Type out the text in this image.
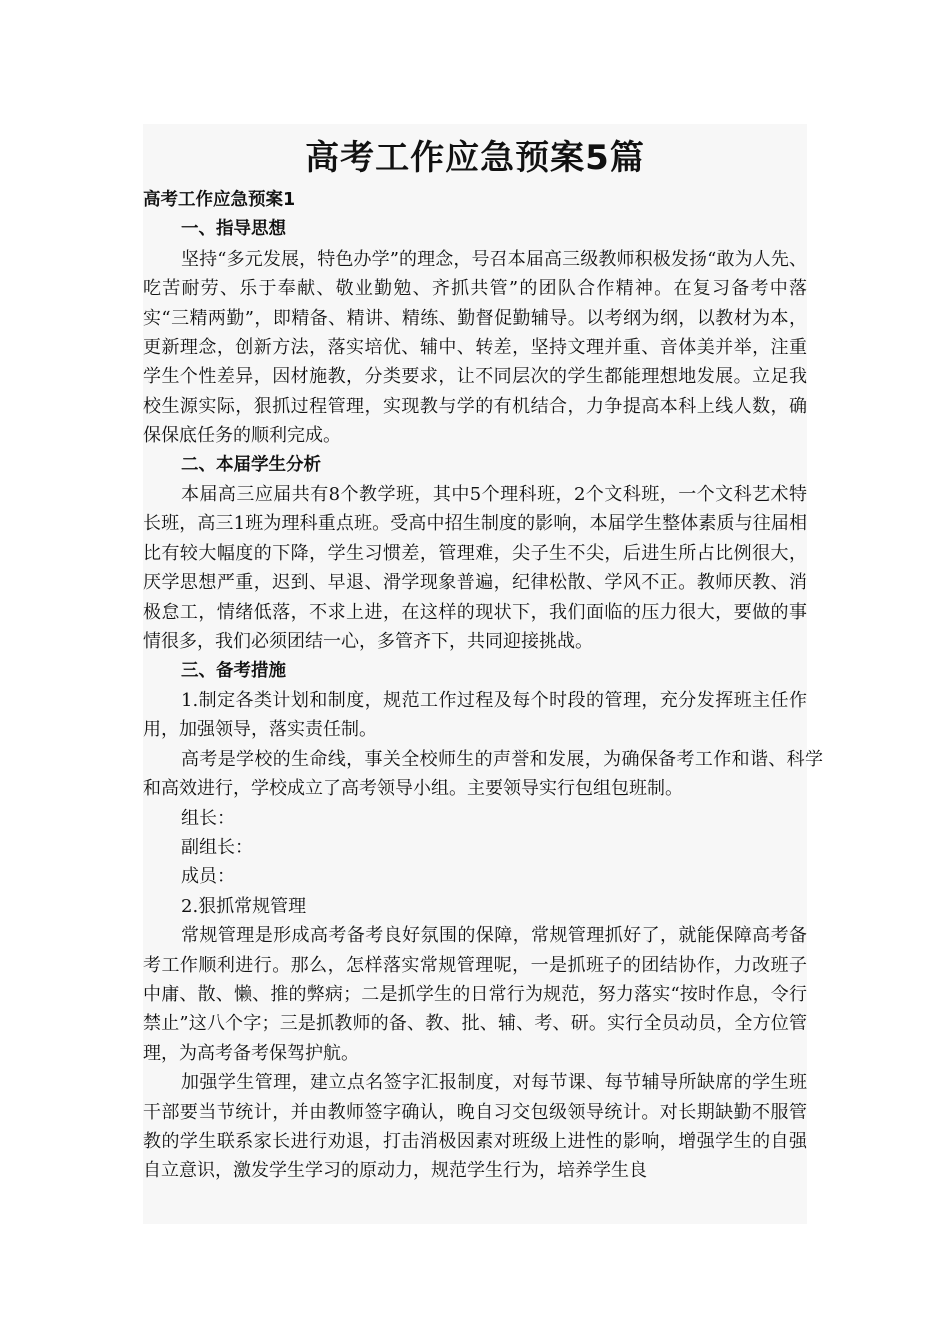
高考工作应急预案5篇

高考工作应急预案1

一、指导思想

坚持“多元发展，特色办学”的理念，号召本届高三级教师积极发扬“敢为人先、吃苦耐劳、乐于奉献、敬业勤勉、齐抓共管”的团队合作精神。在复习备考中落实“三精两勤”，即精备、精讲、精练、勤督促勤辅导。以考纲为纲，以教材为本，更新理念，创新方法，落实培优、辅中、转差，坚持文理并重、音体美并举，注重学生个性差异，因材施教，分类要求，让不同层次的学生都能理想地发展。立足我校生源实际，狠抓过程管理，实现教与学的有机结合，力争提高本科上线人数，确保保底任务的顺利完成。

二、本届学生分析

本届高三应届共有8个教学班，其中5个理科班，2个文科班，一个文科艺术特长班，高三1班为理科重点班。受高中招生制度的影响，本届学生整体素质与往届相比有较大幅度的下降，学生习惯差，管理难，尖子生不尖，后进生所占比例很大，厌学思想严重，迟到、早退、滑学现象普遍，纪律松散、学风不正。教师厌教、消极怠工，情绪低落，不求上进，在这样的现状下，我们面临的压力很大，要做的事情很多，我们必须团结一心，多管齐下，共同迎接挑战。

三、备考措施

1.制定各类计划和制度，规范工作过程及每个时段的管理，充分发挥班主任作用，加强领导，落实责任制。

高考是学校的生命线，事关全校师生的声誉和发展，为确保备考工作和谐、科学和高效进行，学校成立了高考领导小组。主要领导实行包组包班制。

组长：

副组长：

成员：

2.狠抓常规管理

常规管理是形成高考备考良好氛围的保障，常规管理抓好了，就能保障高考备考工作顺利进行。那么，怎样落实常规管理呢，一是抓班子的团结协作，力改班子中庸、散、懒、推的弊病；二是抓学生的日常行为规范，努力落实“按时作息，令行禁止”这八个字；三是抓教师的备、教、批、辅、考、研。实行全员动员，全方位管理，为高考备考保驾护航。

加强学生管理，建立点名签字汇报制度，对每节课、每节辅导所缺席的学生班干部要当节统计，并由教师签字确认，晚自习交包级领导统计。对长期缺勤不服管教的学生联系家长进行劝退，打击消极因素对班级上进性的影响，增强学生的自强自立意识，激发学生学习的原动力，规范学生行为，培养学生良
